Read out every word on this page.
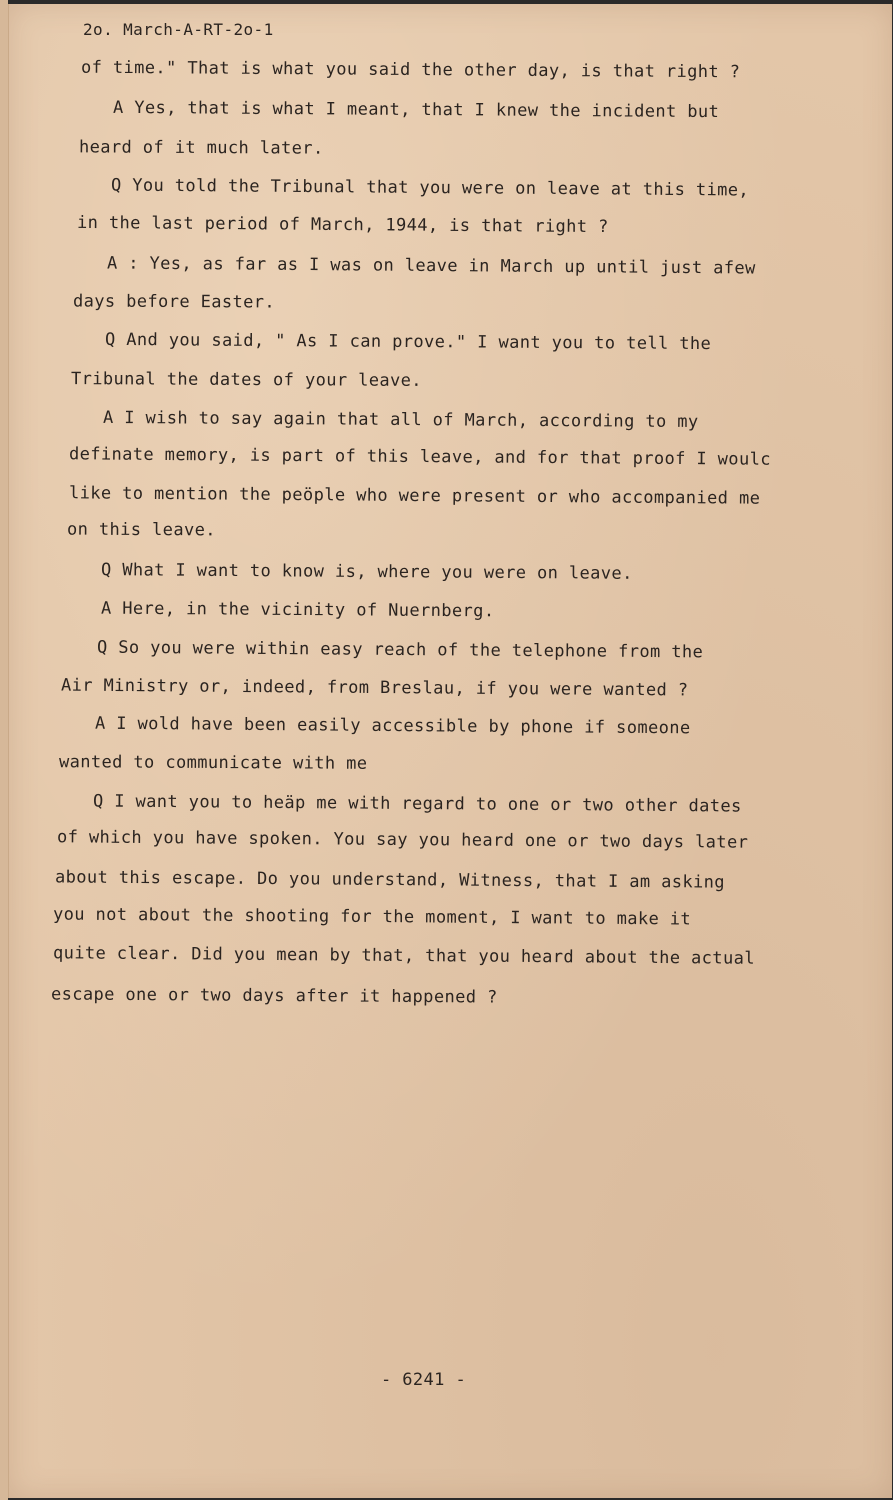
2o. March-A-RT-2o-1
of time." That is what you said the other day, is that right ?
A Yes, that is what I meant, that I knew the incident but
heard of it much later.
Q You told the Tribunal that you were on leave at this time,
in the last period of March, 1944, is that right ?
A : Yes, as far as I was on leave in March up until just afew
days before Easter.
Q And you said, " As I can prove." I want you to tell the
Tribunal the dates of your leave.
A I wish to say again that all of March, according to my
definate memory, is part of this leave, and for that proof I woulc
like to mention the peöple who were present or who accompanied me
on this leave.
Q What I want to know is, where you were on leave.
A Here, in the vicinity of Nuernberg.
Q So you were within easy reach of the telephone from the
Air Ministry or, indeed, from Breslau, if you were wanted ?
A I wold have been easily accessible by phone if someone
wanted to communicate with me
Q I want you to heäp me with regard to one or two other dates
of which you have spoken. You say you heard one or two days later
about this escape. Do you understand, Witness, that I am asking
you not about the shooting for the moment, I want to make it
quite clear. Did you mean by that, that you heard about the actual
escape one or two days after it happened ?
- 6241 -
